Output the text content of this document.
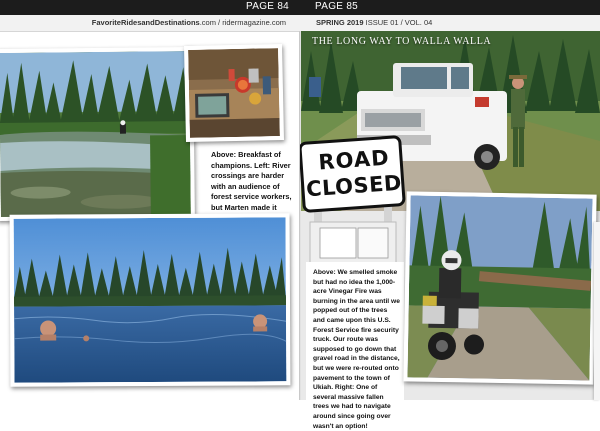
PAGE 84	PAGE 85
FavoriteRidesandDestinations.com / ridermagazine.com	SPRING 2019 ISSUE 01 / VOL. 04
Above: Breakfast of champions. Left: River crossings are harder with an audience of forest service workers, but Marten made it
THE LONG WAY TO WALLA WALLA
ROAD
CLOSED
Above: We smelled smoke but had no idea the 1,000-acre Vinegar Fire was burning in the area until we popped out of the trees and came upon this U.S. Forest Service fire security truck. Our route was supposed to go down that gravel road in the distance, but we were re-routed onto pavement to the town of Ukiah. Right: One of several massive fallen trees we had to navigate around since going over wasn't an option!
